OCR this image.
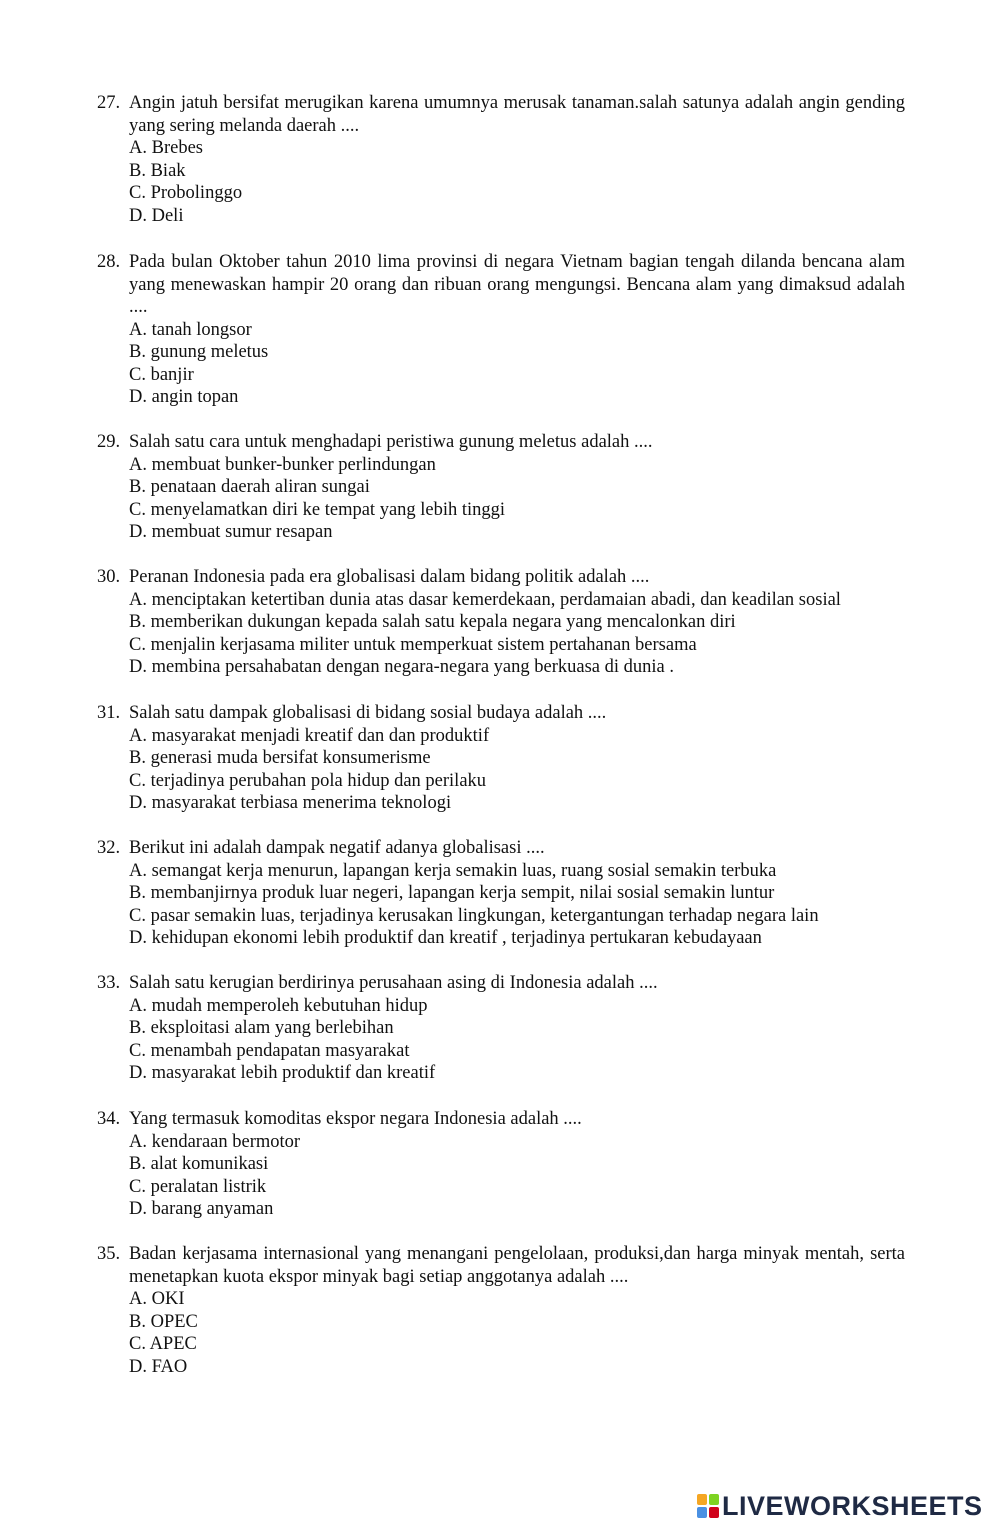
27. Angin jatuh bersifat merugikan karena umumnya merusak tanaman.salah satunya adalah angin gending yang sering melanda daerah ....
A. Brebes
B. Biak
C. Probolinggo
D. Deli
28. Pada bulan Oktober tahun 2010 lima provinsi di negara Vietnam bagian tengah dilanda bencana alam yang menewaskan hampir 20 orang dan ribuan orang mengungsi. Bencana alam yang dimaksud adalah ....
A. tanah longsor
B. gunung meletus
C. banjir
D. angin topan
29. Salah satu cara untuk menghadapi peristiwa gunung meletus adalah ....
A. membuat bunker-bunker perlindungan
B. penataan daerah aliran sungai
C. menyelamatkan diri ke tempat yang lebih tinggi
D. membuat sumur resapan
30. Peranan Indonesia pada era globalisasi dalam bidang politik adalah ....
A. menciptakan ketertiban dunia atas dasar kemerdekaan, perdamaian abadi, dan keadilan sosial
B. memberikan dukungan kepada salah satu kepala negara yang mencalonkan diri
C. menjalin kerjasama militer untuk memperkuat sistem pertahanan bersama
D. membina persahabatan dengan negara-negara yang berkuasa di dunia .
31. Salah satu dampak globalisasi di bidang sosial budaya adalah ....
A. masyarakat menjadi kreatif dan dan produktif
B. generasi muda bersifat konsumerisme
C. terjadinya perubahan pola hidup dan perilaku
D. masyarakat terbiasa menerima teknologi
32. Berikut ini adalah dampak negatif adanya globalisasi ....
A. semangat kerja menurun, lapangan kerja semakin luas, ruang sosial semakin terbuka
B. membanjirnya produk luar negeri, lapangan kerja sempit, nilai sosial semakin luntur
C. pasar semakin luas, terjadinya kerusakan lingkungan, ketergantungan terhadap negara lain
D. kehidupan ekonomi lebih produktif dan kreatif , terjadinya pertukaran kebudayaan
33. Salah satu kerugian berdirinya perusahaan asing di Indonesia adalah ....
A. mudah memperoleh kebutuhan hidup
B. eksploitasi alam yang berlebihan
C. menambah pendapatan masyarakat
D. masyarakat lebih produktif dan kreatif
34. Yang termasuk komoditas ekspor negara Indonesia adalah ....
A. kendaraan bermotor
B. alat komunikasi
C. peralatan listrik
D. barang anyaman
35. Badan kerjasama internasional yang menangani pengelolaan, produksi,dan harga minyak mentah, serta menetapkan kuota ekspor minyak bagi setiap anggotanya adalah ....
A. OKI
B. OPEC
C. APEC
D. FAO
LIVEWORKSHEETS
